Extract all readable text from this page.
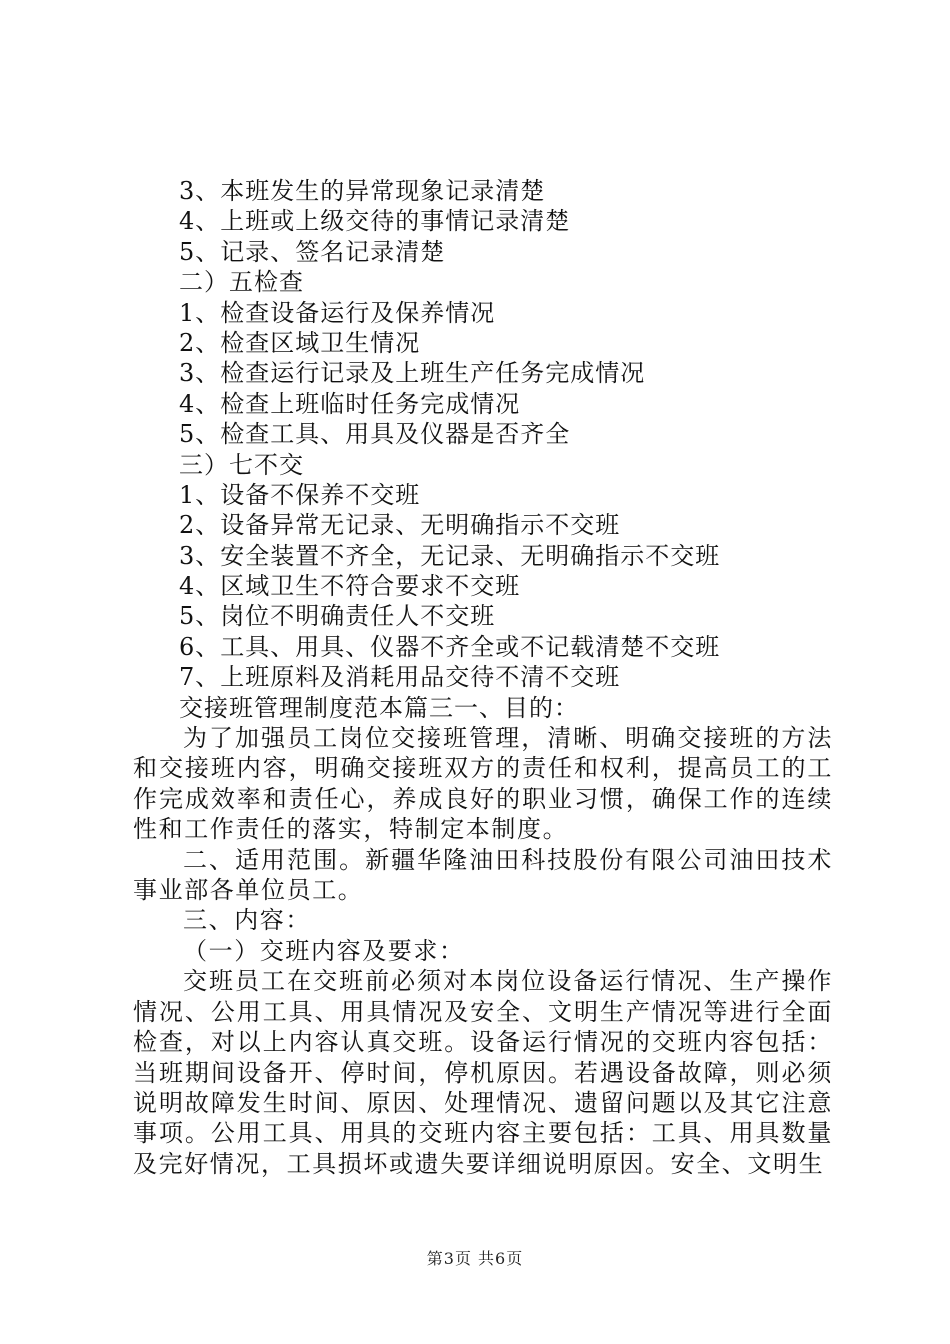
3、本班发生的异常现象记录清楚
4、上班或上级交待的事情记录清楚
5、记录、签名记录清楚
二）五检查
1、检查设备运行及保养情况
2、检查区域卫生情况
3、检查运行记录及上班生产任务完成情况
4、检查上班临时任务完成情况
5、检查工具、用具及仪器是否齐全
三）七不交
1、设备不保养不交班
2、设备异常无记录、无明确指示不交班
3、安全装置不齐全，无记录、无明确指示不交班
4、区域卫生不符合要求不交班
5、岗位不明确责任人不交班
6、工具、用具、仪器不齐全或不记载清楚不交班
7、上班原料及消耗用品交待不清不交班
交接班管理制度范本篇三一、目的：

为了加强员工岗位交接班管理，清晰、明确交接班的方法和交接班内容，明确交接班双方的责任和权利，提高员工的工作完成效率和责任心，养成良好的职业习惯，确保工作的连续性和工作责任的落实，特制定本制度。

二、适用范围。新疆华隆油田科技股份有限公司油田技术事业部各单位员工。

三、内容：

（一）交班内容及要求：

交班员工在交班前必须对本岗位设备运行情况、生产操作情况、公用工具、用具情况及安全、文明生产情况等进行全面检查，对以上内容认真交班。设备运行情况的交班内容包括：当班期间设备开、停时间，停机原因。若遇设备故障，则必须说明故障发生时间、原因、处理情况、遗留问题以及其它注意事项。公用工具、用具的交班内容主要包括：工具、用具数量及完好情况，工具损坏或遗失要详细说明原因。安全、文明生

第3页 共6页
